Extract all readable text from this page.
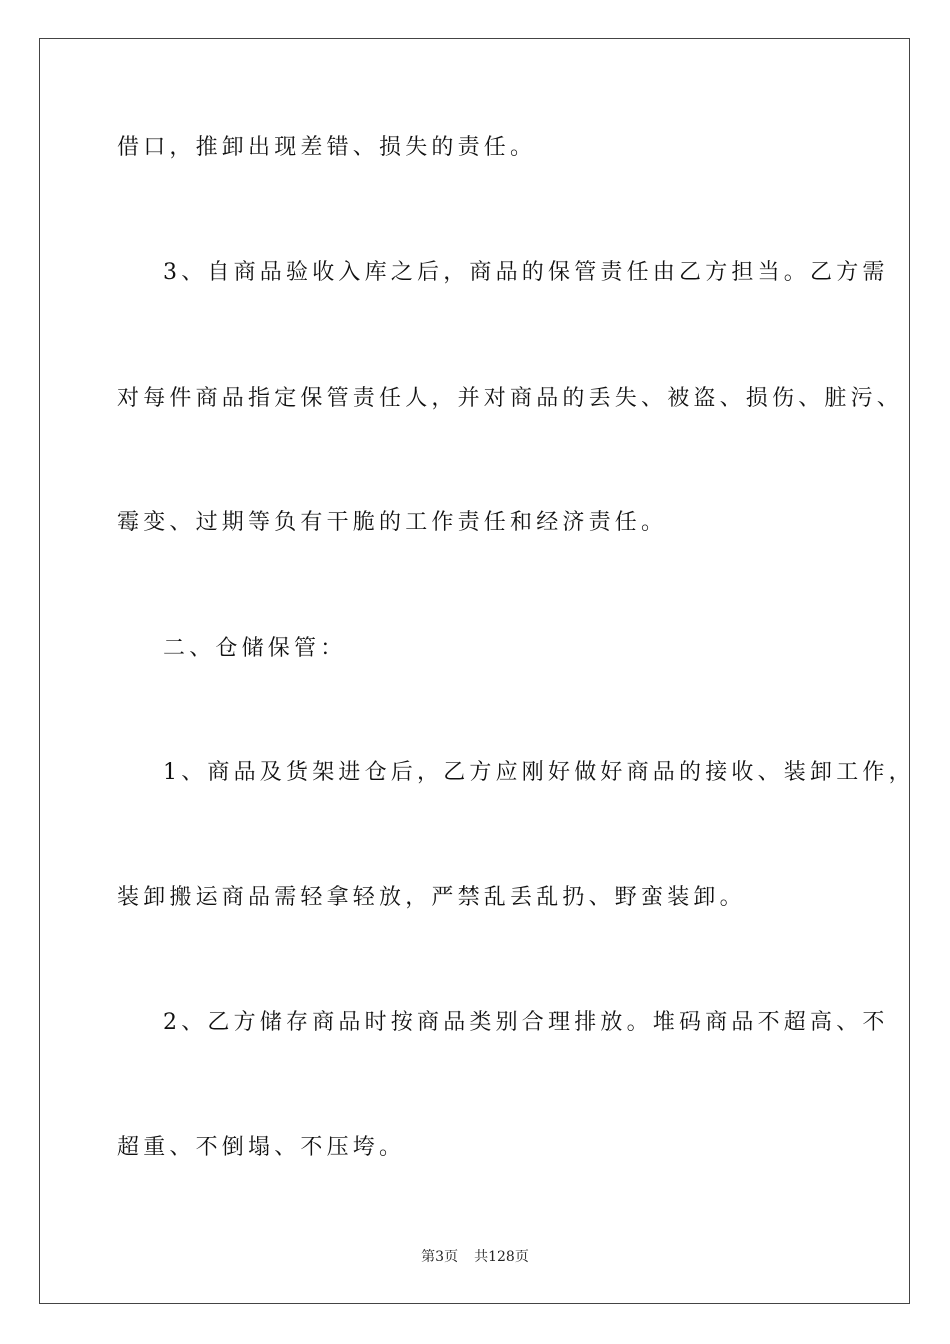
借口，推卸出现差错、损失的责任。
3、自商品验收入库之后，商品的保管责任由乙方担当。乙方需
对每件商品指定保管责任人，并对商品的丢失、被盗、损伤、脏污、
霉变、过期等负有干脆的工作责任和经济责任。
二、仓储保管：
1、商品及货架进仓后，乙方应刚好做好商品的接收、装卸工作，
装卸搬运商品需轻拿轻放，严禁乱丢乱扔、野蛮装卸。
2、乙方储存商品时按商品类别合理排放。堆码商品不超高、不
超重、不倒塌、不压垮。
第3页 共128页
